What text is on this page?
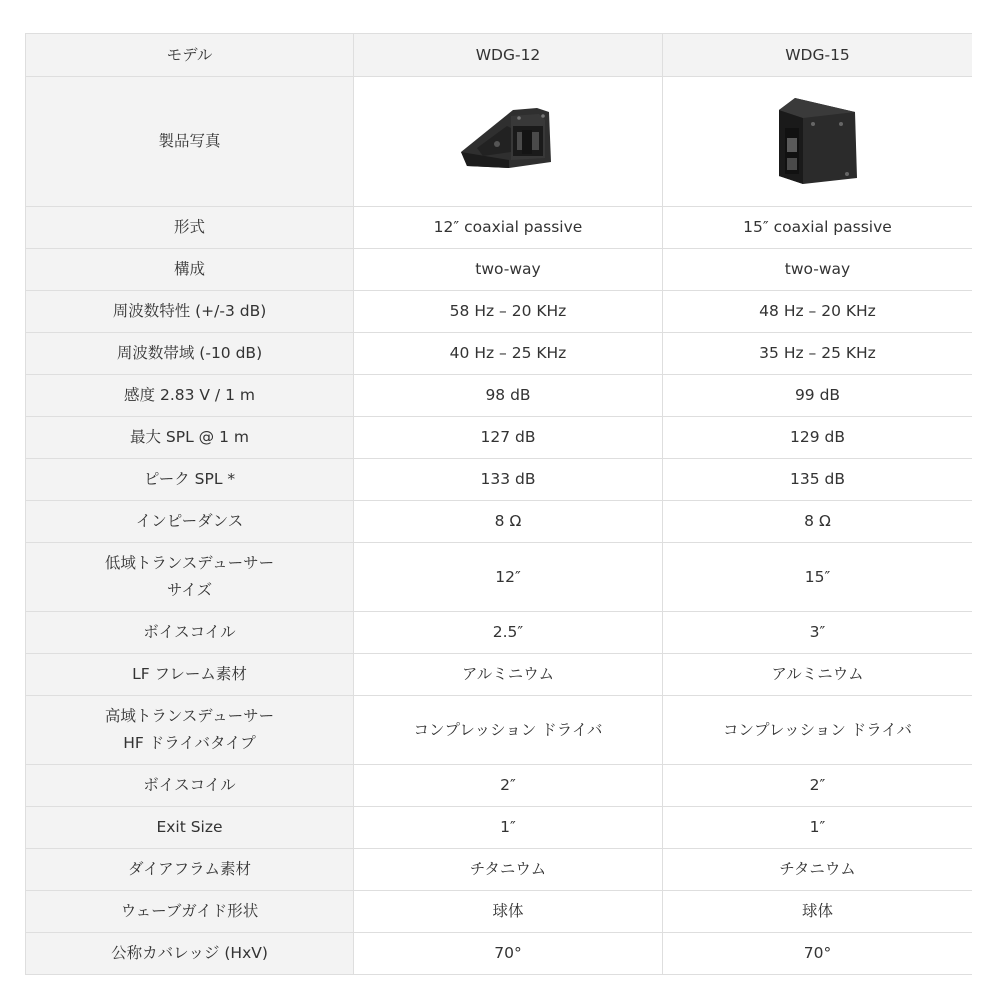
モデル	WDG-12	WDG-15
製品写真		
形式	12″ coaxial passive	15″ coaxial passive
構成	two-way	two-way
周波数特性 (+/-3 dB)	58 Hz – 20 KHz	48 Hz – 20 KHz
周波数帯域 (-10 dB)	40 Hz – 25 KHz	35 Hz – 25 KHz
感度 2.83 V / 1 m	98 dB	99 dB
最大 SPL @ 1 m	127 dB	129 dB
ピーク SPL *	133 dB	135 dB
インピーダンス	8 Ω	8 Ω

低域トランスデューサー
サイズ	12″	15″
ボイスコイル	2.5″	3″
LF フレーム素材	アルミニウム	アルミニウム

高域トランスデューサー
HF ドライバタイプ	コンプレッション ドライバ	コンプレッション ドライバ
ボイスコイル	2″	2″
Exit Size	1″	1″
ダイアフラム素材	チタニウム	チタニウム
ウェーブガイド形状	球体	球体
公称カバレッジ (HxV)	70°	70°
